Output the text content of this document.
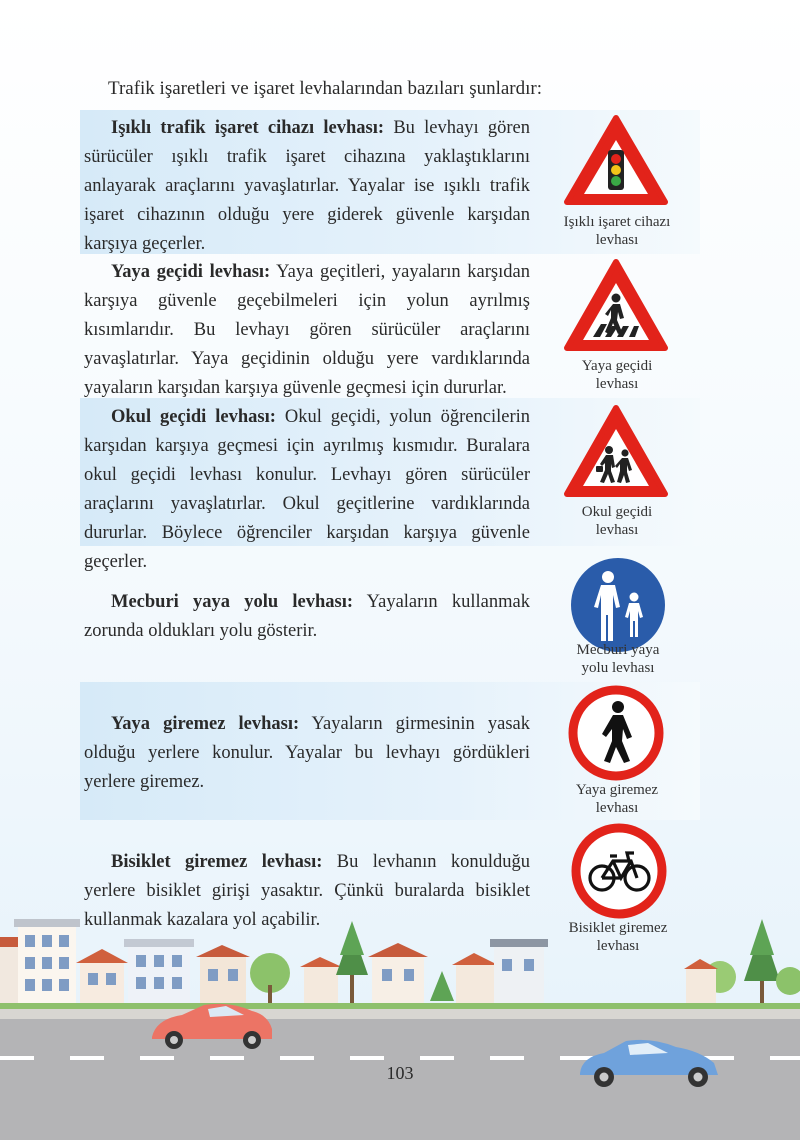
Trafik işaretleri ve işaret levhalarından bazıları şunlardır:
Işıklı trafik işaret cihazı levhası: Bu levhayı gören sürücüler ışıklı trafik işaret cihazına yaklaştıklarını anlayarak araçlarını yavaşlatırlar. Yayalar ise ışıklı trafik işaret cihazının olduğu yere giderek güvenle karşıdan karşıya geçerler.
Yaya geçidi levhası: Yaya geçitleri, yayaların karşıdan karşıya güvenle geçebilmeleri için yolun ayrılmış kısımlarıdır. Bu levhayı gören sürücüler araçlarını yavaşlatırlar. Yaya geçidinin olduğu yere vardıklarında yayaların karşıdan karşıya güvenle geçmesi için dururlar.
Okul geçidi levhası: Okul geçidi, yolun öğrencilerin karşıdan karşıya geçmesi için ayrılmış kısmıdır. Buralara okul geçidi levhası konulur. Levhayı gören sürücüler araçlarını yavaşlatırlar. Okul geçitlerine vardıklarında dururlar. Böylece öğrenciler karşıdan karşıya güvenle geçerler.
Mecburi yaya yolu levhası: Yayaların kullanmak zorunda oldukları yolu gösterir.
Yaya giremez levhası: Yayaların girmesinin yasak olduğu yerlere konulur. Yayalar bu levhayı gördükleri yerlere giremez.
Bisiklet giremez levhası: Bu levhanın konulduğu yerlere bisiklet girişi yasaktır. Çünkü buralarda bisiklet kullanmak kazalara yol açabilir.
Işıklı işaret cihazı
levhası
Yaya geçidi
levhası
Okul geçidi
levhası
Mecburi yaya
yolu levhası
Yaya giremez
levhası
Bisiklet giremez
levhası
103
